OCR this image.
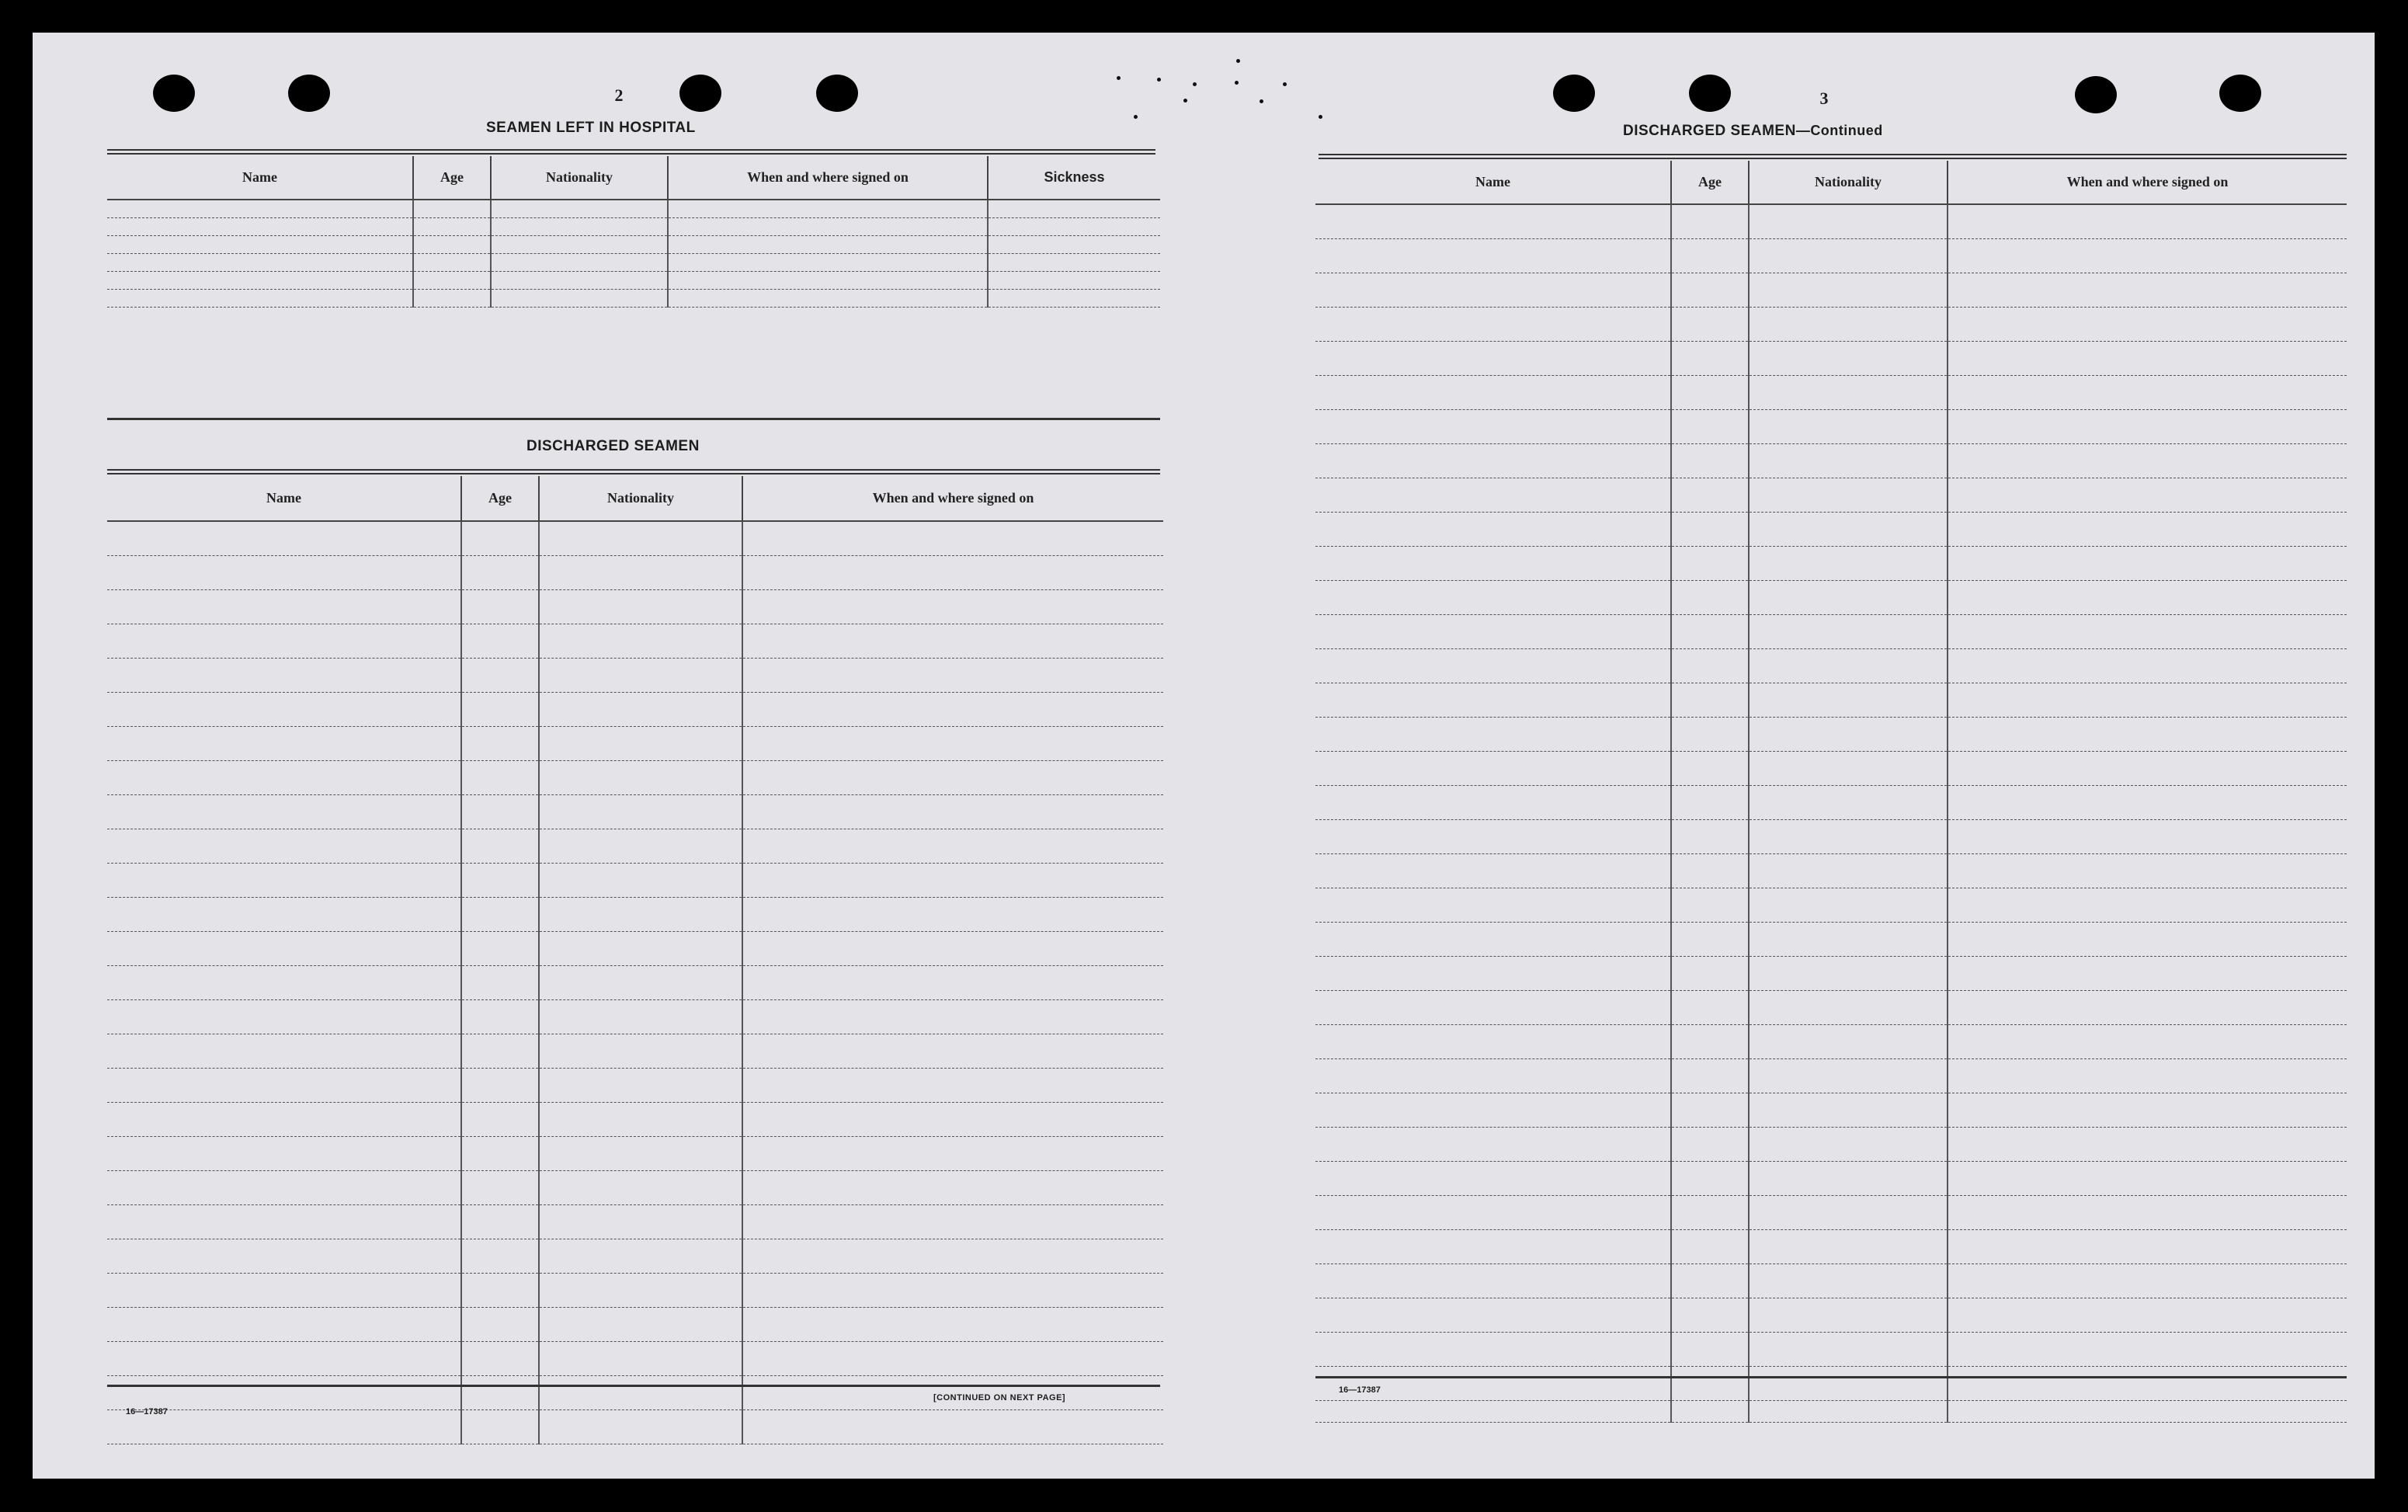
2
SEAMEN LEFT IN HOSPITAL
Name	Age	Nationality	When and where signed on	Sickness

DISCHARGED SEAMEN
Name	Age	Nationality	When and where signed on

16—17387
[CONTINUED ON NEXT PAGE]
3
DISCHARGED SEAMEN—Continued
Name	Age	Nationality	When and where signed on

16—17387
